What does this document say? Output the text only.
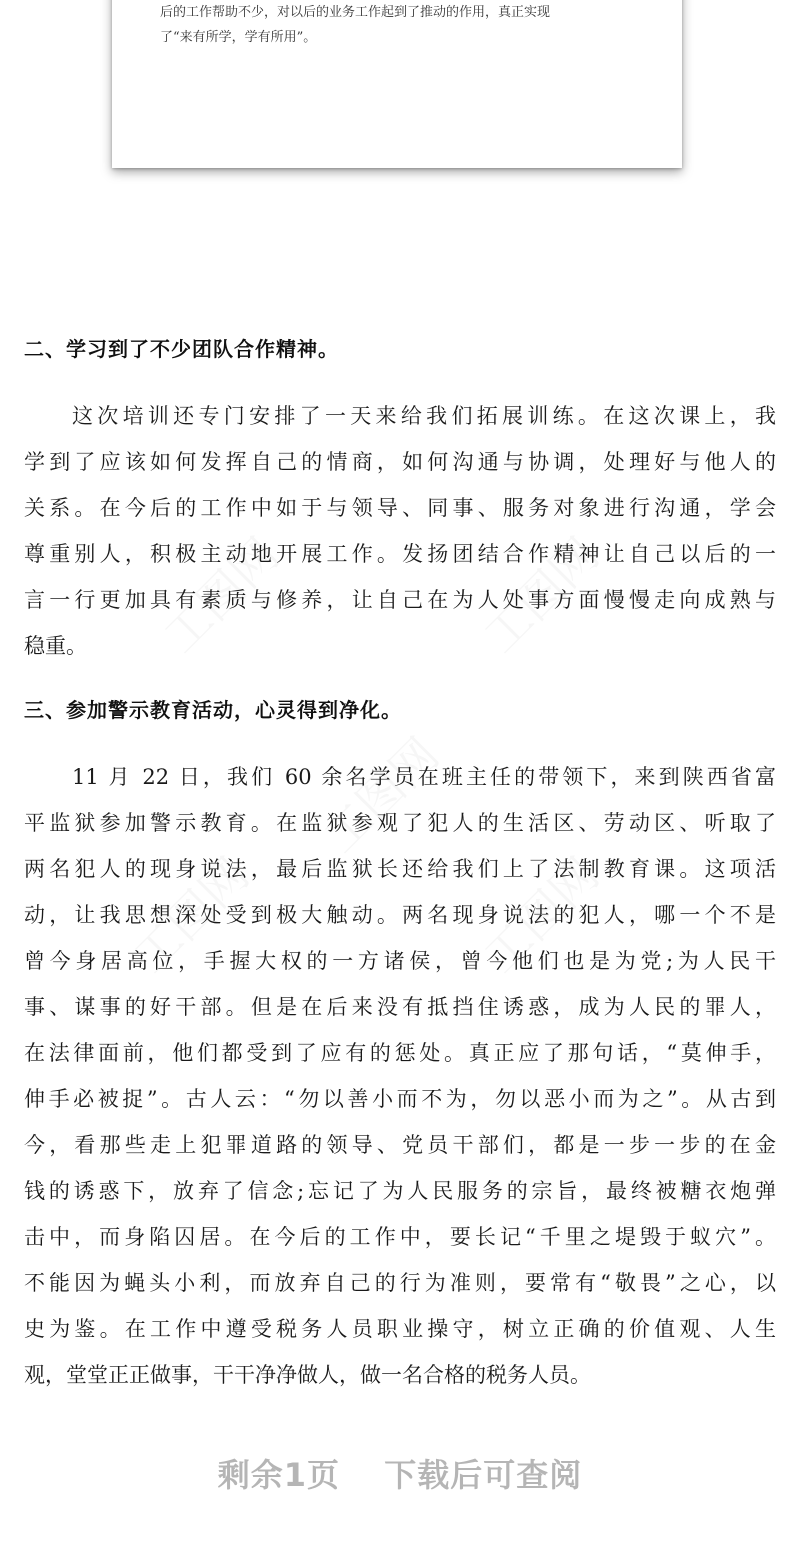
后的工作帮助不少，对以后的业务工作起到了推动的作用，真正实现
了“来有所学，学有所用”。
二、学习到了不少团队合作精神。
这次培训还专门安排了一天来给我们拓展训练。在这次课上，我
学到了应该如何发挥自己的情商，如何沟通与协调，处理好与他人的
关系。在今后的工作中如于与领导、同事、服务对象进行沟通，学会
尊重别人，积极主动地开展工作。发扬团结合作精神让自己以后的一
言一行更加具有素质与修养，让自己在为人处事方面慢慢走向成熟与
稳重。
三、参加警示教育活动，心灵得到净化。
11 月 22 日，我们 60 余名学员在班主任的带领下，来到陕西省富
平监狱参加警示教育。在监狱参观了犯人的生活区、劳动区、听取了
两名犯人的现身说法，最后监狱长还给我们上了法制教育课。这项活
动，让我思想深处受到极大触动。两名现身说法的犯人，哪一个不是
曾今身居高位，手握大权的一方诸侯，曾今他们也是为党;为人民干
事、谋事的好干部。但是在后来没有抵挡住诱惑，成为人民的罪人，
在法律面前，他们都受到了应有的惩处。真正应了那句话，“莫伸手，
伸手必被捉”。古人云：“勿以善小而不为，勿以恶小而为之”。从古到
今，看那些走上犯罪道路的领导、党员干部们，都是一步一步的在金
钱的诱惑下，放弃了信念;忘记了为人民服务的宗旨，最终被糖衣炮弹
击中，而身陷囚居。在今后的工作中，要长记“千里之堤毁于蚁穴”。
不能因为蝇头小利，而放弃自己的行为准则，要常有“敬畏”之心，以
史为鉴。在工作中遵受税务人员职业操守，树立正确的价值观、人生
观，堂堂正正做事，干干净净做人，做一名合格的税务人员。
剩余1页 下载后可查阅
